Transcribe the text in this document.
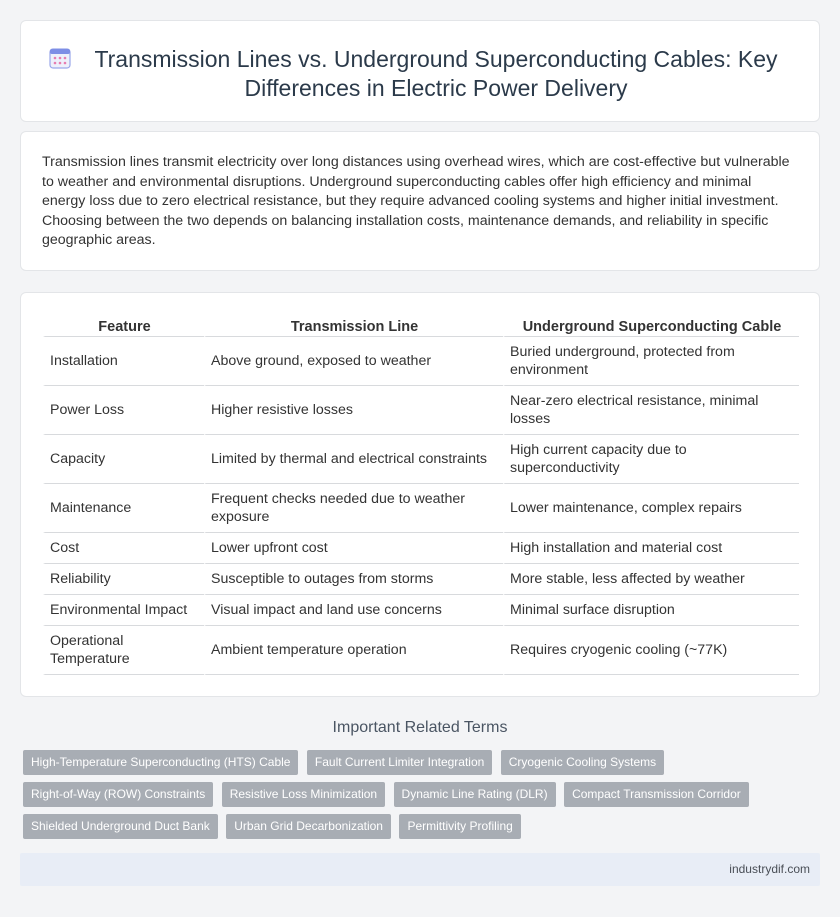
Transmission Lines vs. Underground Superconducting Cables: Key Differences in Electric Power Delivery

Transmission lines transmit electricity over long distances using overhead wires, which are cost-effective but vulnerable to weather and environmental disruptions. Underground superconducting cables offer high efficiency and minimal energy loss due to zero electrical resistance, but they require advanced cooling systems and higher initial investment. Choosing between the two depends on balancing installation costs, maintenance demands, and reliability in specific geographic areas.

Feature	Transmission Line	Underground Superconducting Cable
Installation	Above ground, exposed to weather	Buried underground, protected from environment
Power Loss	Higher resistive losses	Near-zero electrical resistance, minimal losses
Capacity	Limited by thermal and electrical constraints	High current capacity due to superconductivity
Maintenance	Frequent checks needed due to weather exposure	Lower maintenance, complex repairs
Cost	Lower upfront cost	High installation and material cost
Reliability	Susceptible to outages from storms	More stable, less affected by weather
Environmental Impact	Visual impact and land use concerns	Minimal surface disruption
Operational Temperature	Ambient temperature operation	Requires cryogenic cooling (~77K)
Important Related Terms
High-Temperature Superconducting (HTS) Cable Fault Current Limiter Integration Cryogenic Cooling Systems
Right-of-Way (ROW) Constraints Resistive Loss Minimization Dynamic Line Rating (DLR) Compact Transmission Corridor
Shielded Underground Duct Bank Urban Grid Decarbonization Permittivity Profiling
industrydif.com
